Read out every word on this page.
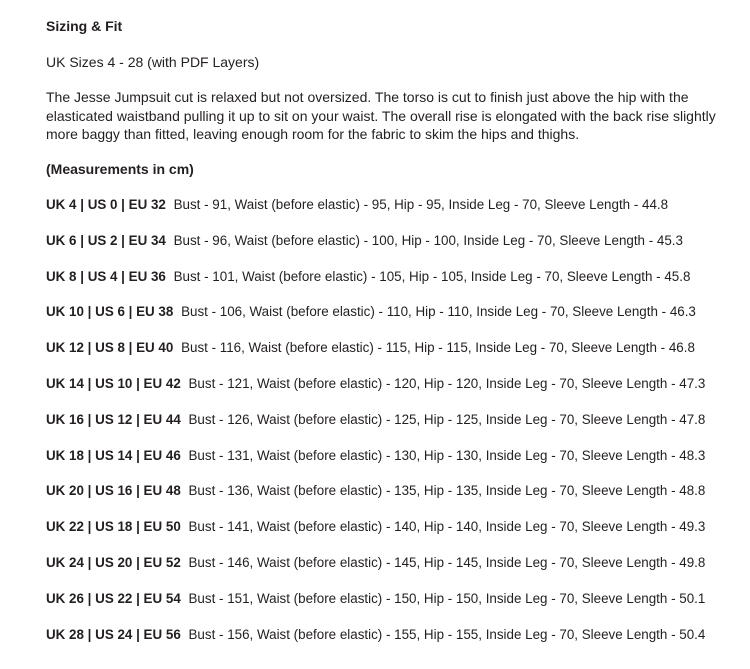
Sizing & Fit
UK Sizes 4 - 28 (with PDF Layers)

The Jesse Jumpsuit cut is relaxed but not oversized. The torso is cut to finish just above the hip with the elasticated waistband pulling it up to sit on your waist. The overall rise is elongated with the back rise slightly more baggy than fitted, leaving enough room for the fabric to skim the hips and thighs.

(Measurements in cm)
UK 4 | US 0 | EU 32 Bust - 91, Waist (before elastic) - 95, Hip - 95, Inside Leg - 70, Sleeve Length - 44.8
UK 6 | US 2 | EU 34 Bust - 96, Waist (before elastic) - 100, Hip - 100, Inside Leg - 70, Sleeve Length - 45.3
UK 8 | US 4 | EU 36 Bust - 101, Waist (before elastic) - 105, Hip - 105, Inside Leg - 70, Sleeve Length - 45.8
UK 10 | US 6 | EU 38 Bust - 106, Waist (before elastic) - 110, Hip - 110, Inside Leg - 70, Sleeve Length - 46.3
UK 12 | US 8 | EU 40 Bust - 116, Waist (before elastic) - 115, Hip - 115, Inside Leg - 70, Sleeve Length - 46.8
UK 14 | US 10 | EU 42 Bust - 121, Waist (before elastic) - 120, Hip - 120, Inside Leg - 70, Sleeve Length - 47.3
UK 16 | US 12 | EU 44 Bust - 126, Waist (before elastic) - 125, Hip - 125, Inside Leg - 70, Sleeve Length - 47.8
UK 18 | US 14 | EU 46 Bust - 131, Waist (before elastic) - 130, Hip - 130, Inside Leg - 70, Sleeve Length - 48.3
UK 20 | US 16 | EU 48 Bust - 136, Waist (before elastic) - 135, Hip - 135, Inside Leg - 70, Sleeve Length - 48.8
UK 22 | US 18 | EU 50 Bust - 141, Waist (before elastic) - 140, Hip - 140, Inside Leg - 70, Sleeve Length - 49.3
UK 24 | US 20 | EU 52 Bust - 146, Waist (before elastic) - 145, Hip - 145, Inside Leg - 70, Sleeve Length - 49.8
UK 26 | US 22 | EU 54 Bust - 151, Waist (before elastic) - 150, Hip - 150, Inside Leg - 70, Sleeve Length - 50.1
UK 28 | US 24 | EU 56 Bust - 156, Waist (before elastic) - 155, Hip - 155, Inside Leg - 70, Sleeve Length - 50.4
